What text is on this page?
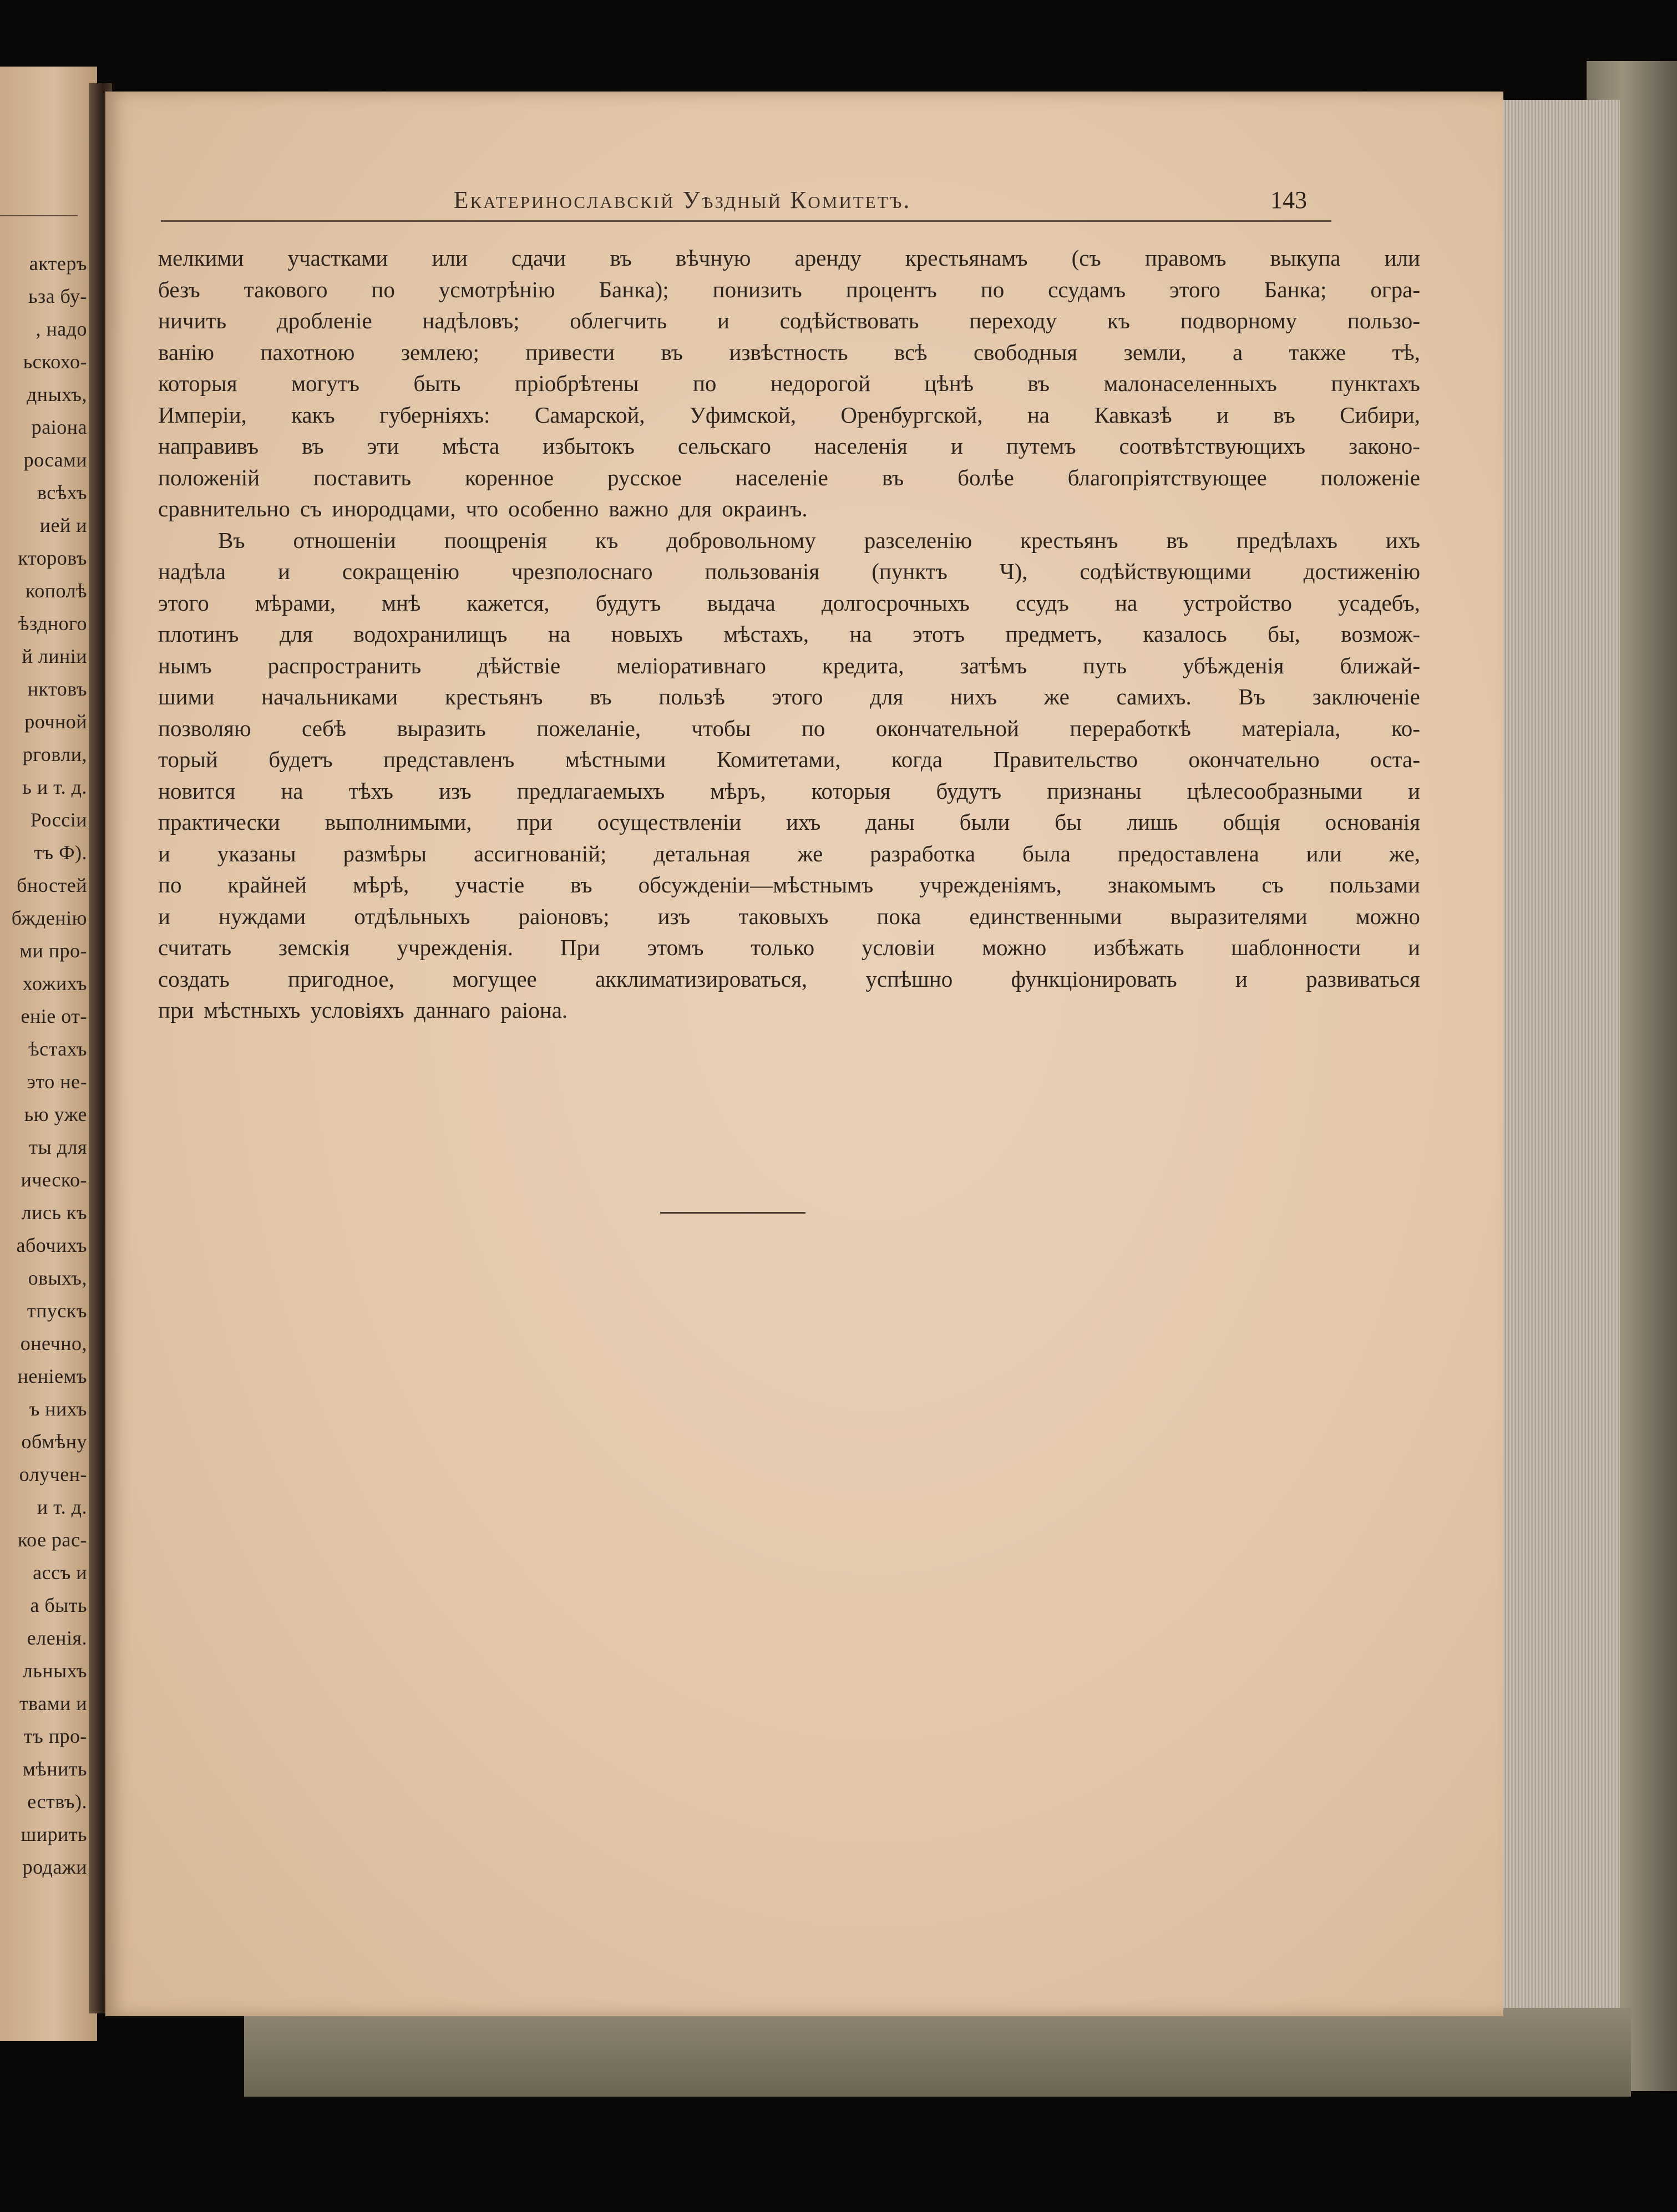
актеръ
ьза бу-
, надо
ьскохо-
дныхъ,
раіона
росами
всѣхъ
ией и
кторовъ
кополѣ
ѣздного
й линіи
нктовъ
рочной
рговли,
ь и т. д.
Россіи
тъ Ф).
бностей
бжденію
ми про-
хожихъ
еніе от-
ѣстахъ
это не-
ью уже
ты для
ическо-
лись къ
абочихъ
овыхъ,
тпускъ
онечно,
неніемъ
ъ нихъ
обмѣну
олучен-
и т. д.
кое рас-
ассъ и
а быть
еленія.
льныхъ
твами и
тъ про-
мѣнить
ествъ).
ширить
родажи
Екатеринославскій Уѣздный Комитетъ.	143
мелкими участками или сдачи въ вѣчную аренду крестьянамъ (съ правомъ выкупа или
безъ такового по усмотрѣнію Банка); понизить процентъ по ссудамъ этого Банка; огра-
ничить дробленіе надѣловъ; облегчить и содѣйствовать переходу къ подворному пользо-
ванію пахотною землею; привести въ извѣстность всѣ свободныя земли, а также тѣ,
которыя могутъ быть пріобрѣтены по недорогой цѣнѣ въ малонаселенныхъ пунктахъ
Имперіи, какъ губерніяхъ: Самарской, Уфимской, Оренбургской, на Кавказѣ и въ Сибири,
направивъ въ эти мѣста избытокъ сельскаго населенія и путемъ соотвѣтствующихъ законо-
положеній поставить коренное русское населеніе въ болѣе благопріятствующее положеніе
сравнительно съ инородцами, что особенно важно для окраинъ.
Въ отношеніи поощренія къ добровольному разселенію крестьянъ въ предѣлахъ ихъ
надѣла и сокращенію чрезполоснаго пользованія (пунктъ Ч), содѣйствующими достиженію
этого мѣрами, мнѣ кажется, будутъ выдача долгосрочныхъ ссудъ на устройство усадебъ,
плотинъ для водохранилищъ на новыхъ мѣстахъ, на этотъ предметъ, казалось бы, возмож-
нымъ распространить дѣйствіе меліоративнаго кредита, затѣмъ путь убѣжденія ближай-
шими начальниками крестьянъ въ пользѣ этого для нихъ же самихъ. Въ заключеніе
позволяю себѣ выразить пожеланіе, чтобы по окончательной переработкѣ матеріала, ко-
торый будетъ представленъ мѣстными Комитетами, когда Правительство окончательно оста-
новится на тѣхъ изъ предлагаемыхъ мѣръ, которыя будутъ признаны цѣлесообразными и
практически выполнимыми, при осуществленіи ихъ даны были бы лишь общія основанія
и указаны размѣры ассигнованій; детальная же разработка была предоставлена или же,
по крайней мѣрѣ, участіе въ обсужденіи—мѣстнымъ учрежденіямъ, знакомымъ съ пользами
и нуждами отдѣльныхъ раіоновъ; изъ таковыхъ пока единственными выразителями можно
считать земскія учрежденія. При этомъ только условіи можно избѣжать шаблонности и
создать	пригодное,	могущее	акклиматизироваться,	успѣшно	функціонировать	и	развиваться
при мѣстныхъ условіяхъ даннаго раіона.
